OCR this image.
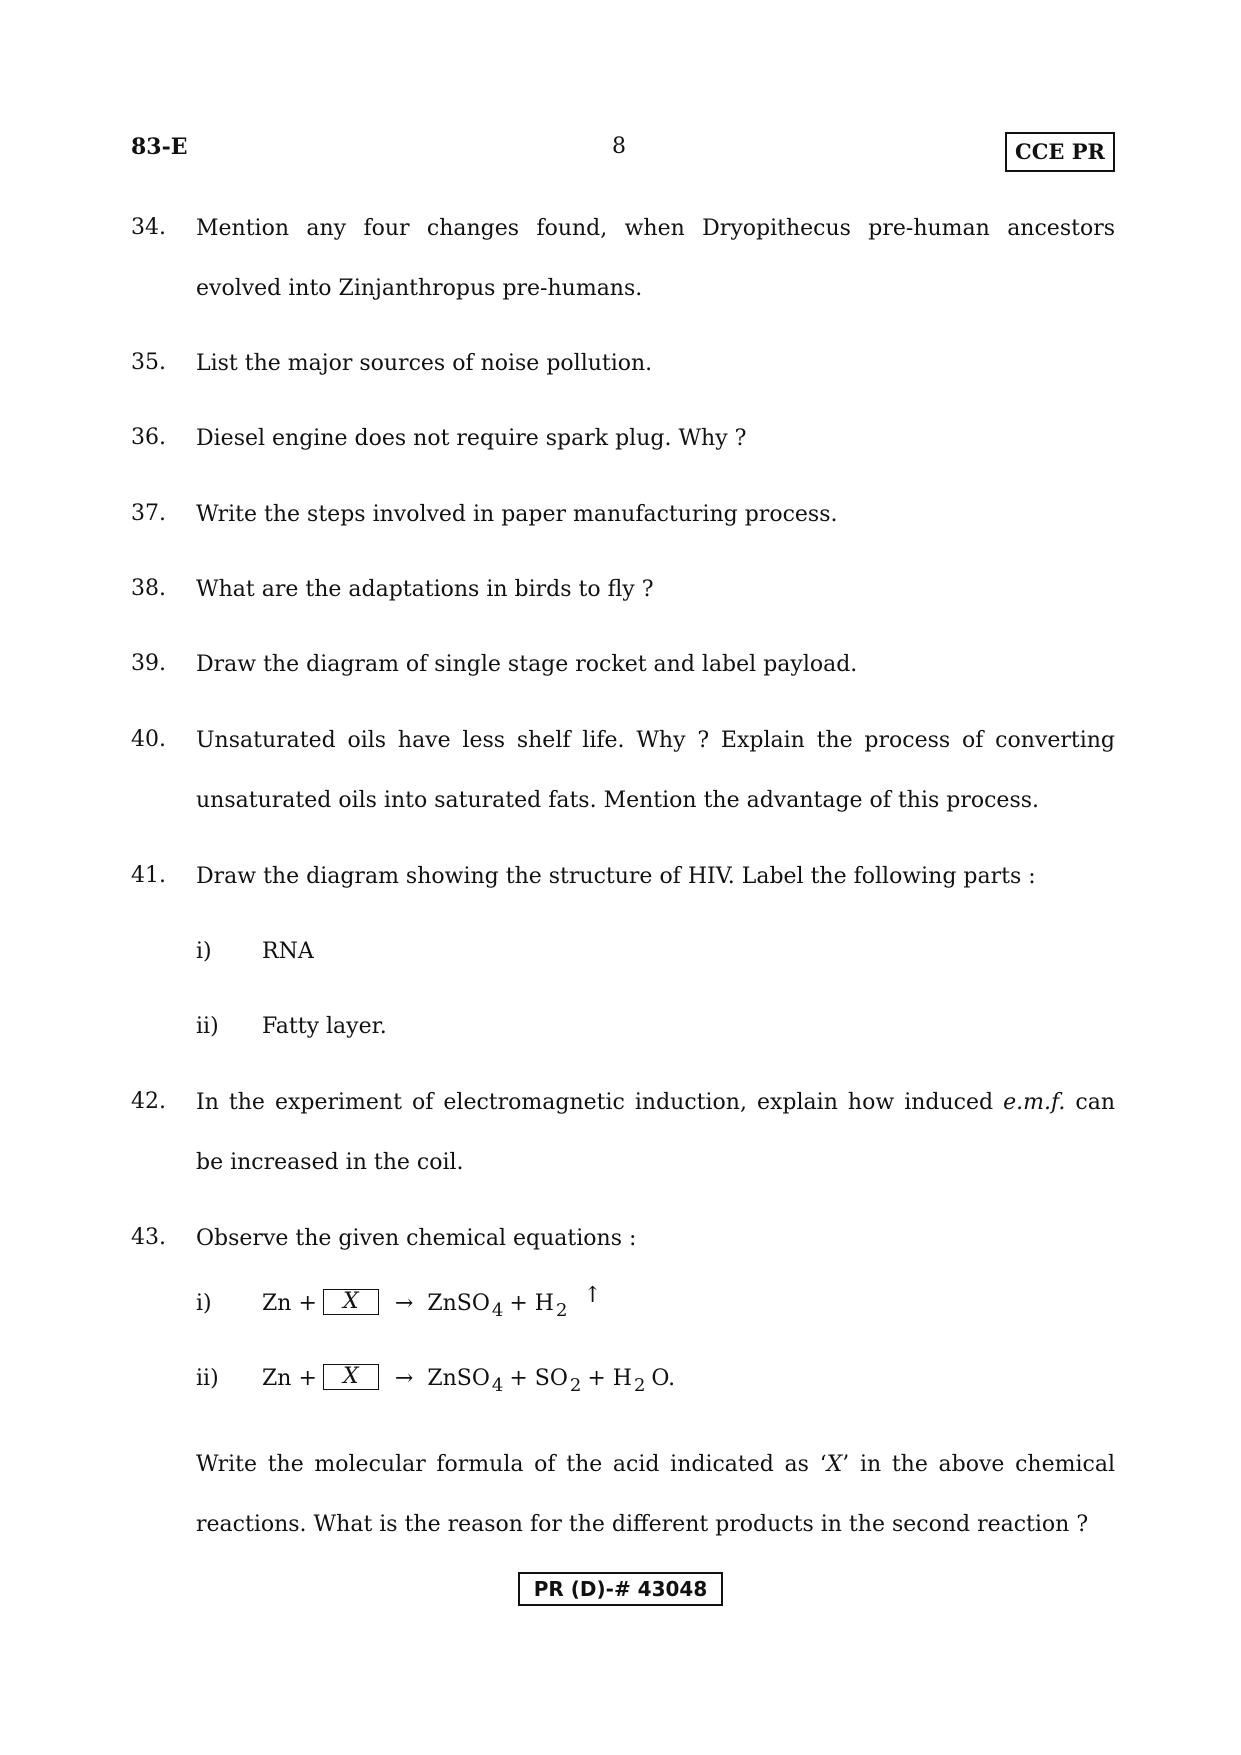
83-E	8	CCE PR
34. Mention any four changes found, when Dryopithecus pre-human ancestors
evolved into Zinjanthropus pre-humans.
35. List the major sources of noise pollution.
36. Diesel engine does not require spark plug. Why ?
37. Write the steps involved in paper manufacturing process.
38. What are the adaptations in birds to fly ?
39. Draw the diagram of single stage rocket and label payload.
40. Unsaturated oils have less shelf life. Why ? Explain the process of converting
unsaturated oils into saturated fats. Mention the advantage of this process.
41. Draw the diagram showing the structure of HIV. Label the following parts :
i) RNA
ii) Fatty layer.
42. In the experiment of electromagnetic induction, explain how induced e.m.f. can
be increased in the coil.
43. Observe the given chemical equations :
i) Zn +	X	→ ZnSO$_4$ + $H_2$
↑
ii) Zn +	X	→ ZnSO$_4$ + $SO_2 + H_2$ O.
Write the molecular formula of the acid indicated as ‘X’ in the above chemical
reactions. What is the reason for the different products in the second reaction ?
PR (D)-# 43048
